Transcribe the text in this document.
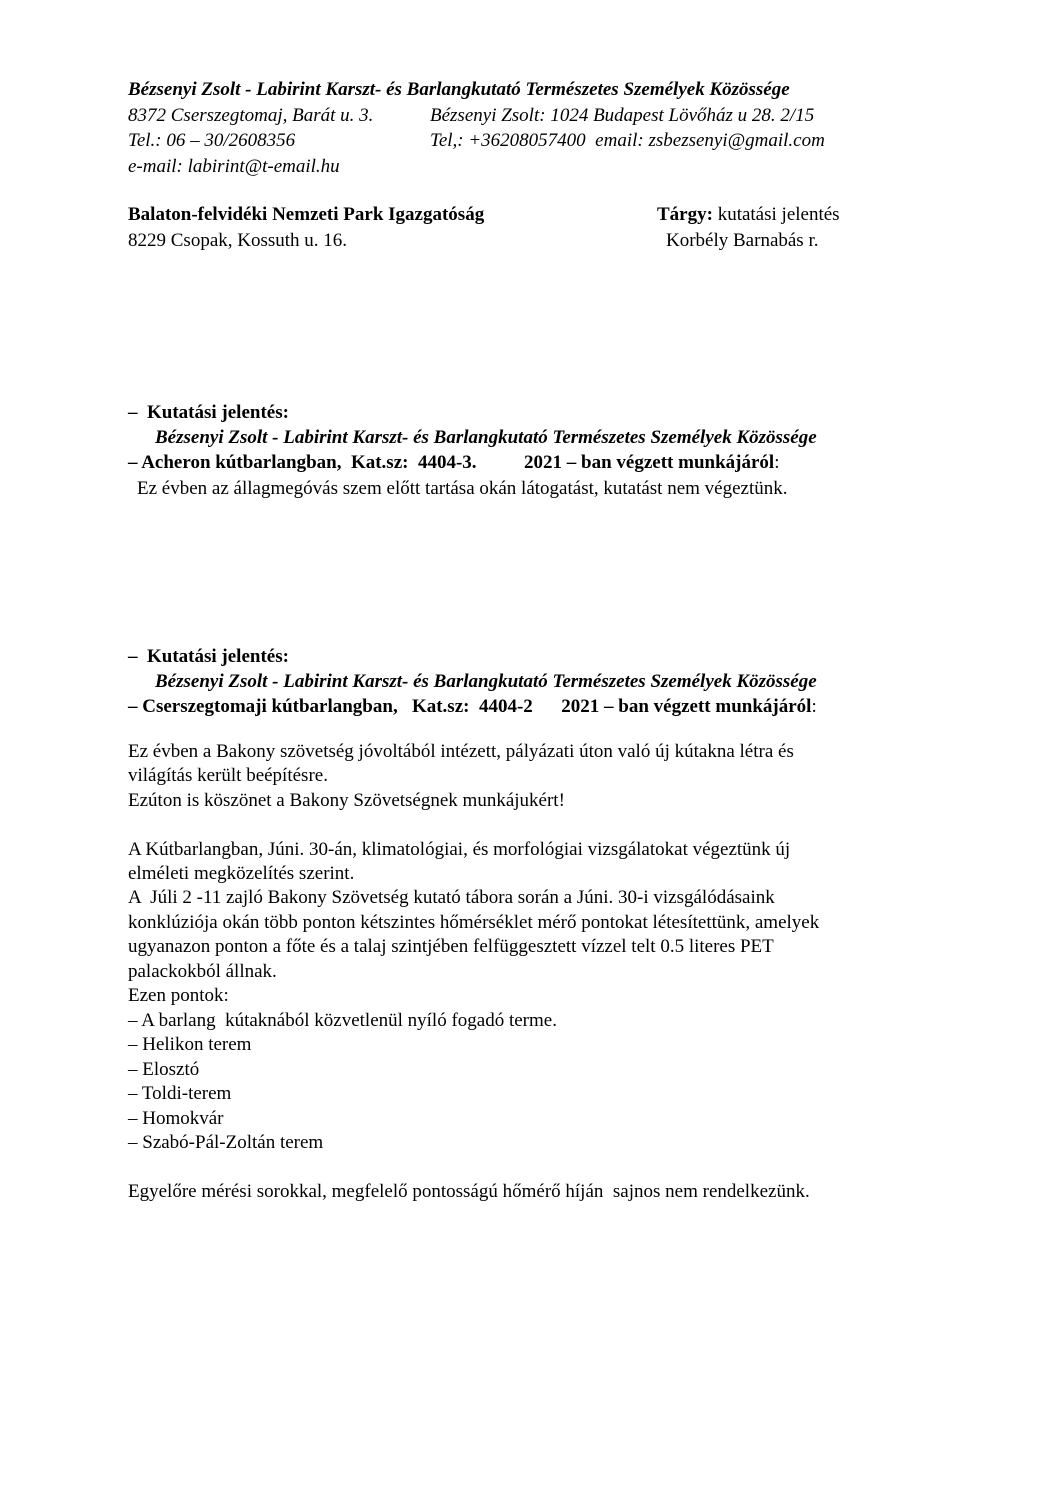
Bézsenyi Zsolt - Labirint Karszt- és Barlangkutató Természetes Személyek Közössége
8372 Cserszegtomaj, Barát u. 3.	Bézsenyi Zsolt: 1024 Budapest Lövőház u 28. 2/15
Tel.: 06 – 30/2608356	Tel,: +36208057400  email: zsbezsenyi@gmail.com
e-mail: labirint@t-email.hu
Balaton-felvidéki Nemzeti Park Igazgatóság	Tárgy: kutatási jelentés
8229 Csopak, Kossuth u. 16.	Korbély Barnabás r.
–  Kutatási jelentés:
Bézsenyi Zsolt - Labirint Karszt- és Barlangkutató Természetes Személyek Közössége
– Acheron kútbarlangban,  Kat.sz:  4404-3.          2021 – ban végzett munkájáról:
Ez évben az állagmegóvás szem előtt tartása okán látogatást, kutatást nem végeztünk.
–  Kutatási jelentés:
Bézsenyi Zsolt - Labirint Karszt- és Barlangkutató Természetes Személyek Közössége
– Cserszegtomaji kútbarlangban,   Kat.sz:  4404-2      2021 – ban végzett munkájáról:
Ez évben a Bakony szövetség jóvoltából intézett, pályázati úton való új kútakna létra és
világítás került beépítésre.
Ezúton is köszönet a Bakony Szövetségnek munkájukért!
A Kútbarlangban, Júni. 30-án, klimatológiai, és morfológiai vizsgálatokat végeztünk új
elméleti megközelítés szerint.
A  Júli 2 -11 zajló Bakony Szövetség kutató tábora során a Júni. 30-i vizsgálódásaink
konklúziója okán több ponton kétszintes hőmérséklet mérő pontokat létesítettünk, amelyek
ugyanazon ponton a főte és a talaj szintjében felfüggesztett vízzel telt 0.5 literes PET
palackokból állnak.
Ezen pontok:
– A barlang  kútaknából közvetlenül nyíló fogadó terme.
– Helikon terem
– Elosztó
– Toldi-terem
– Homokvár
– Szabó-Pál-Zoltán terem
Egyelőre mérési sorokkal, megfelelő pontosságú hőmérő híján  sajnos nem rendelkezünk.
